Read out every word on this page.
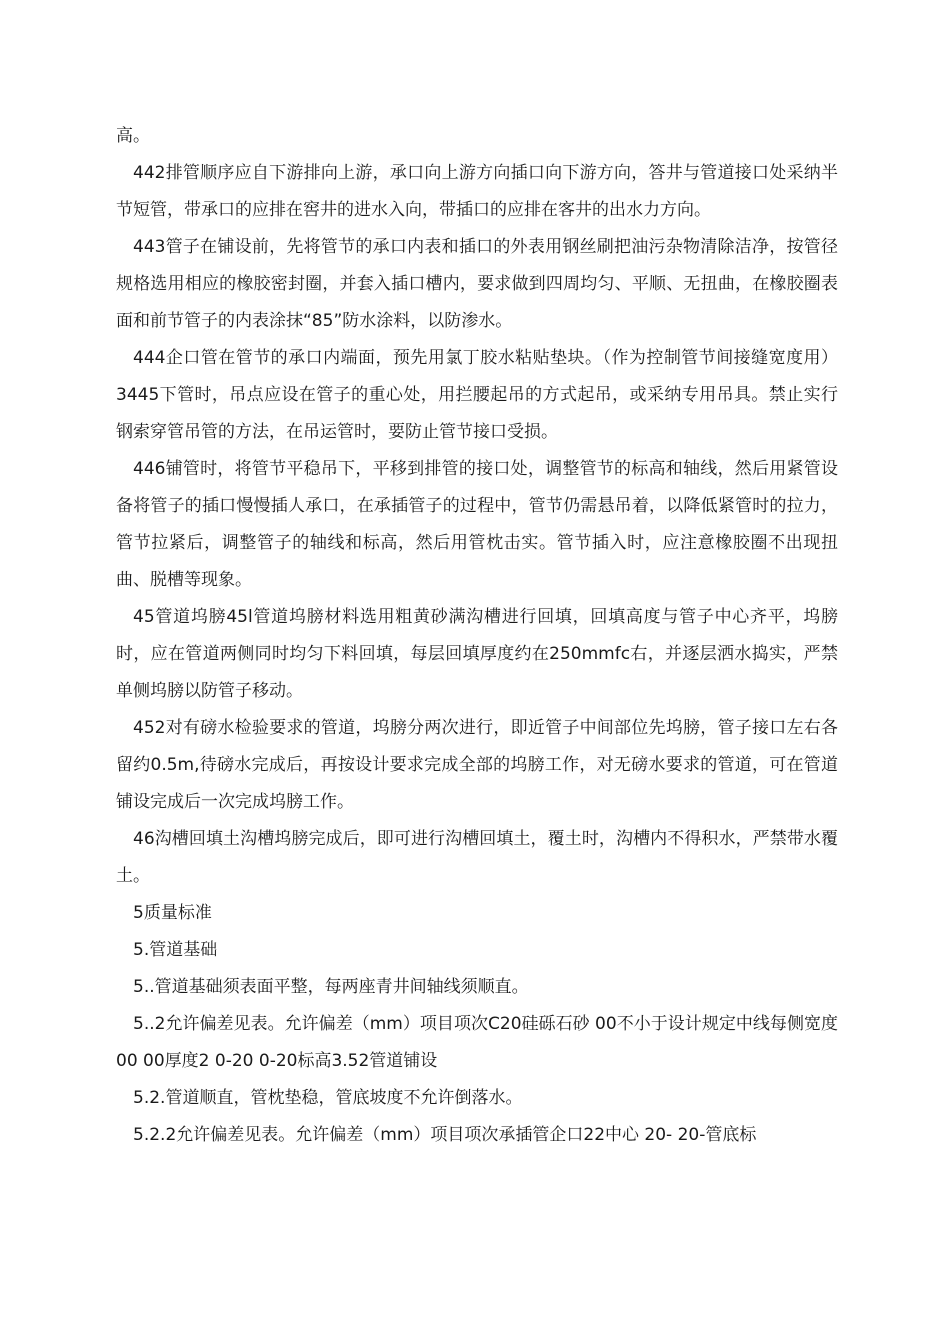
高。

442排管顺序应自下游排向上游，承口向上游方向插口向下游方向，答井与管道接口处采纳半节短管，带承口的应排在窖井的进水入向，带插口的应排在客井的出水力方向。

443管子在铺设前，先将管节的承口内表和插口的外表用钢丝刷把油污杂物清除洁净，按管径规格选用相应的橡胶密封圈，并套入插口槽内，要求做到四周均匀、平顺、无扭曲，在橡胶圈表面和前节管子的内表涂抹“85”防水涂料，以防渗水。

444企口管在管节的承口内端面，预先用氯丁胶水粘贴垫块。（作为控制管节间接缝宽度用）3445下管时，吊点应设在管子的重心处，用拦腰起吊的方式起吊，或采纳专用吊具。禁止实行钢索穿管吊管的方法，在吊运管时，要防止管节接口受损。

446铺管时，将管节平稳吊下，平移到排管的接口处，调整管节的标高和轴线，然后用紧管设备将管子的插口慢慢插人承口，在承插管子的过程中，管节仍需悬吊着，以降低紧管时的拉力，管节拉紧后，调整管子的轴线和标高，然后用管枕击实。管节插入时，应注意橡胶圈不出现扭曲、脱槽等现象。

45管道坞膀45l管道坞膀材料选用粗黄砂满沟槽进行回填，回填高度与管子中心齐平，坞膀时，应在管道两侧同时均匀下料回填，每层回填厚度约在250mmfc右，并逐层洒水捣实，严禁单侧坞膀以防管子移动。

452对有磅水检验要求的管道，坞膀分两次进行，即近管子中间部位先坞膀，管子接口左右各留约0.5m,待磅水完成后，再按设计要求完成全部的坞膀工作，对无磅水要求的管道，可在管道铺设完成后一次完成坞膀工作。

46沟槽回填土沟槽坞膀完成后，即可进行沟槽回填土，覆土时，沟槽内不得积水，严禁带水覆土。

5质量标准

5.管道基础

5..管道基础须表面平整，每两座青井间轴线须顺直。

5..2允许偏差见表。允许偏差（mm）项目项次C20硅砾石砂 00不小于设计规定中线每侧宽度 00 00厚度2 0-20 0-20标高3.52管道铺设

5.2.管道顺直，管枕垫稳，管底坡度不允许倒落水。

5.2.2允许偏差见表。允许偏差（mm）项目项次承插管企口22中心 20- 20-管底标
